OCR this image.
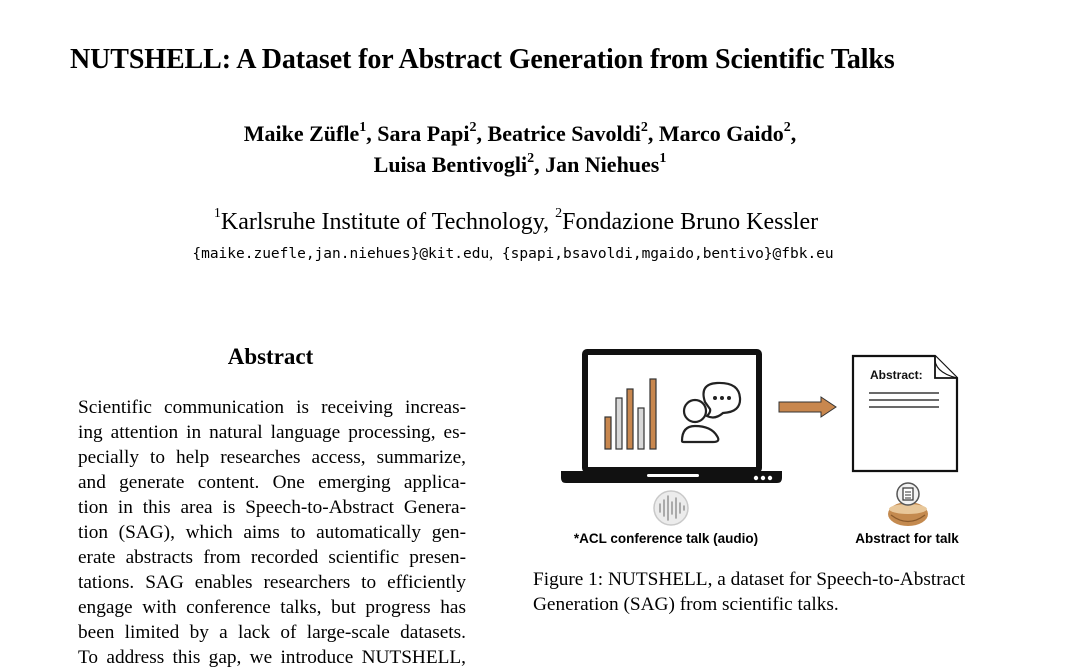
NUTSHELL: A Dataset for Abstract Generation from Scientific Talks
Maike Züfle$^1$, Sara Papi$^2$, Beatrice Savoldi$^2$, Marco Gaido$^2$,
Luisa Bentivogli$^2$, Jan Niehues$^1$
$^1$Karlsruhe Institute of Technology, $^2$Fondazione Bruno Kessler
{maike.zuefle,jan.niehues}@kit.edu, {spapi,bsavoldi,mgaido,bentivo}@fbk.eu
Abstract
Scientific communication is receiving increas-
ing attention in natural language processing, es-
pecially to help researches access, summarize,
and generate content. One emerging applica-
tion in this area is Speech-to-Abstract Genera-
tion (SAG), which aims to automatically gen-
erate abstracts from recorded scientific presen-
tations. SAG enables researchers to efficiently
engage with conference talks, but progress has
been limited by a lack of large-scale datasets.
To address this gap, we introduce NUTSHELL,
Abstract:
*ACL conference talk (audio)	Abstract for talk
Figure 1: NUTSHELL, a dataset for Speech-to-Abstract Generation (SAG) from scientific talks.
